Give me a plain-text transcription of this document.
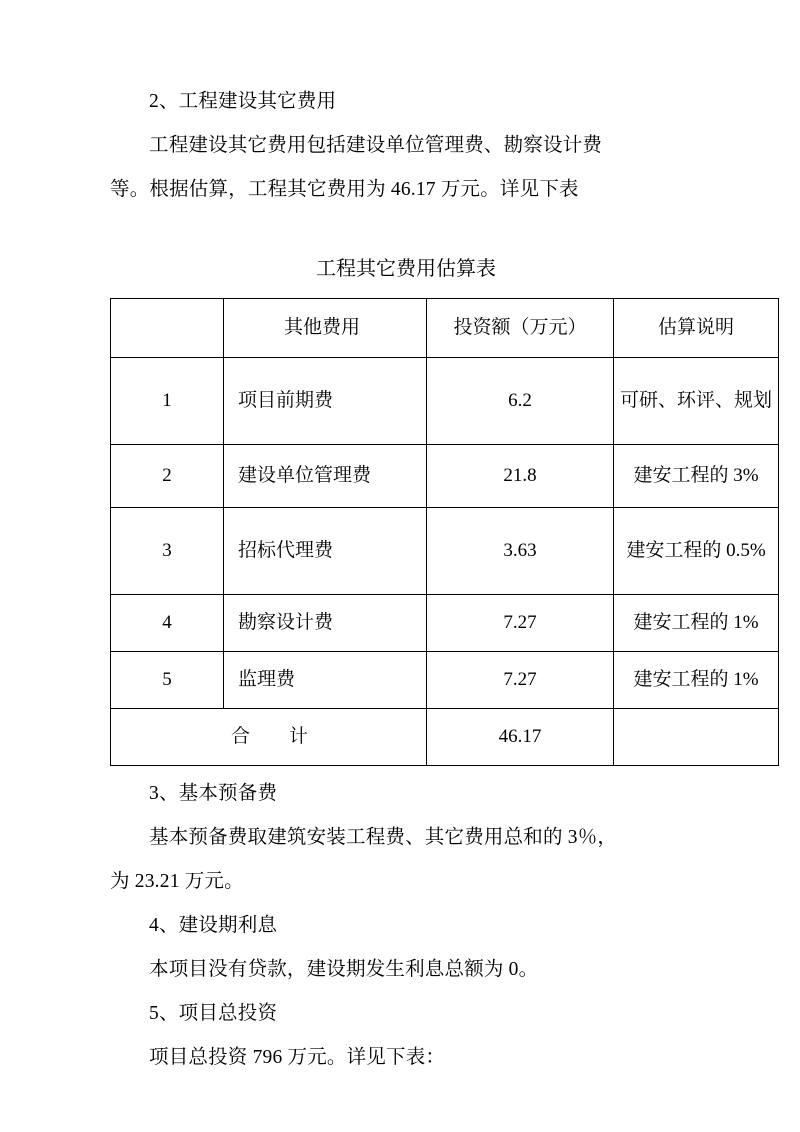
2、工程建设其它费用

工程建设其它费用包括建设单位管理费、勘察设计费

等。根据估算，工程其它费用为 46.17 万元。详见下表

工程其它费用估算表

	其他费用	投资额（万元）	估算说明
1	项目前期费	6.2	可研、环评、规划
2	建设单位管理费	21.8	建安工程的 3%
3	招标代理费	3.63	建安工程的 0.5%
4	勘察设计费	7.27	建安工程的 1%
5	监理费	7.27	建安工程的 1%
合　计		46.17	

3、基本预备费

基本预备费取建筑安装工程费、其它费用总和的 3％，

为 23.21 万元。

4、建设期利息

本项目没有贷款，建设期发生利息总额为 0。

5、项目总投资

项目总投资 796 万元。详见下表：
